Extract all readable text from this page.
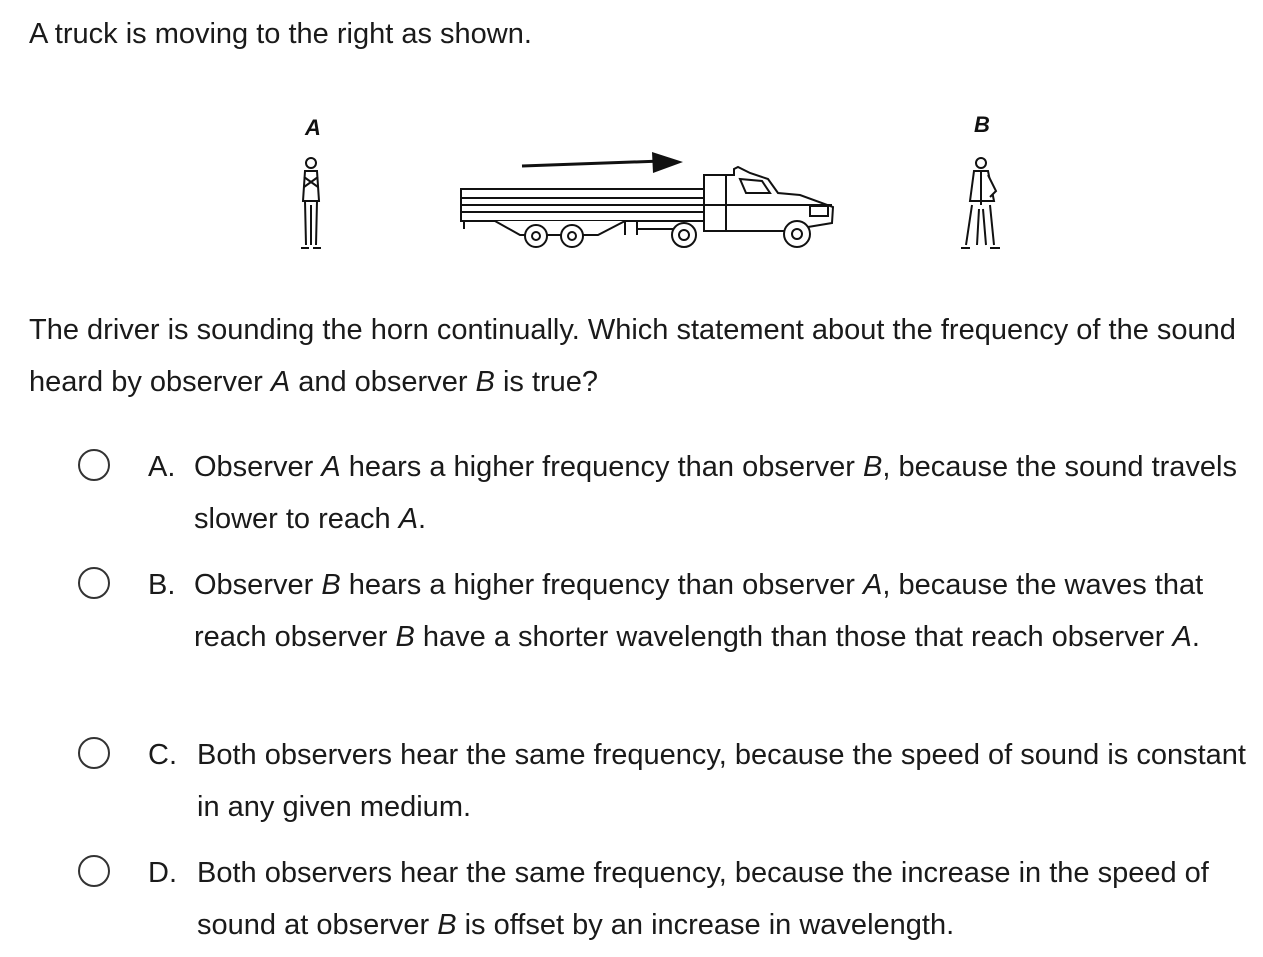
A truck is moving to the right as shown.
A	B
The driver is sounding the horn continually. Which statement about the frequency of the sound heard by observer A and observer B is true?
A. Observer A hears a higher frequency than observer B, because the sound travels slower to reach A.
B. Observer B hears a higher frequency than observer A, because the waves that reach observer B have a shorter wavelength than those that reach observer A.
C. Both observers hear the same frequency, because the speed of sound is constant in any given medium.
D. Both observers hear the same frequency, because the increase in the speed of sound at observer B is offset by an increase in wavelength.
